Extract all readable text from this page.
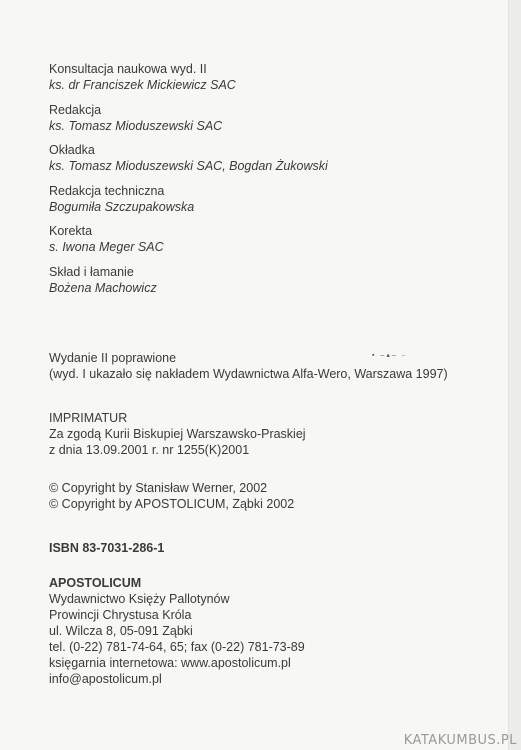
Konsultacja naukowa wyd. II
ks. dr Franciszek Mickiewicz SAC
Redakcja
ks. Tomasz Mioduszewski SAC
Okładka
ks. Tomasz Mioduszewski SAC, Bogdan Żukowski
Redakcja techniczna
Bogumiła Szczupakowska
Korekta
s. Iwona Meger SAC
Skład i łamanie
Bożena Machowicz
Wydanie II poprawione	▪ ‒▴‒ ₋
(wyd. I ukazało się nakładem Wydawnictwa Alfa-Wero, Warszawa 1997)
IMPRIMATUR
Za zgodą Kurii Biskupiej Warszawsko-Praskiej
z dnia 13.09.2001 r. nr 1255(K)2001
© Copyright by Stanisław Werner, 2002
© Copyright by APOSTOLICUM, Ząbki 2002
ISBN 83-7031-286-1
APOSTOLICUM
Wydawnictwo Księży Pallotynów
Prowincji Chrystusa Króla
ul. Wilcza 8, 05-091 Ząbki
tel. (0-22) 781-74-64, 65; fax (0-22) 781-73-89
księgarnia internetowa: www.apostolicum.pl
info@apostolicum.pl
KATAKUMBUS.PL
